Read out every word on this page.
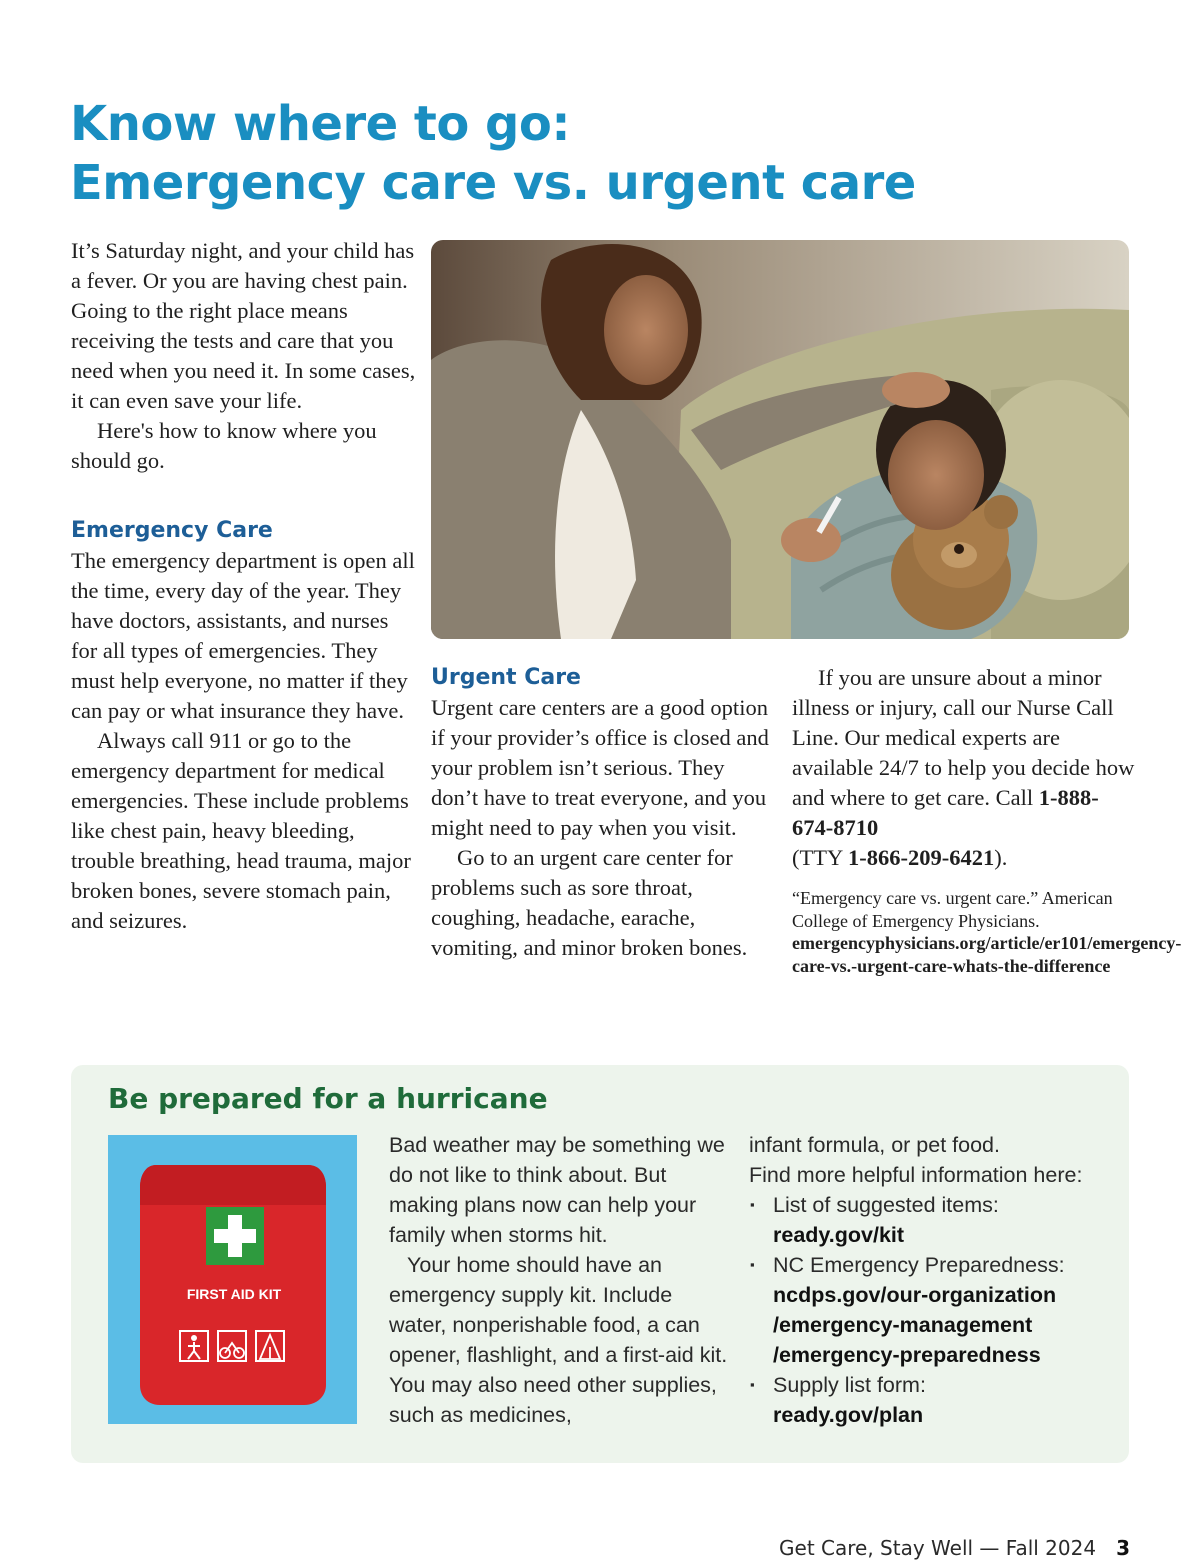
Know where to go:
Emergency care vs. urgent care

It’s Saturday night, and your child has a fever. Or you are having chest pain. Going to the right place means receiving the tests and care that you need when you need it. In some cases, it can even save your life.

Here's how to know where you should go.

Emergency Care

The emergency department is open all the time, every day of the year. They have doctors, assistants, and nurses for all types of emergencies. They must help everyone, no matter if they can pay or what insurance they have.

Always call 911 or go to the emergency department for medical emergencies. These include problems like chest pain, heavy bleeding, trouble breathing, head trauma, major broken bones, severe stomach pain, and seizures.

Urgent Care

Urgent care centers are a good option if your provider’s office is closed and your problem isn’t serious. They don’t have to treat everyone, and you might need to pay when you visit.

Go to an urgent care center for problems such as sore throat, coughing, headache, earache, vomiting, and minor broken bones.

If you are unsure about a minor illness or injury, call our Nurse Call Line. Our medical experts are available 24/7 to help you decide how and where to get care. Call 1-888-674-8710
(TTY 1-866-209-6421).

“Emergency care vs. urgent care.” American College of Emergency Physicians. emergencyphysicians.org/article/er101/emergency-care-vs.-urgent-care-whats-the-difference
Be prepared for a hurricane
FIRST AID KIT

Bad weather may be something we do not like to think about. But making plans now can help your family when storms hit.

Your home should have an emergency supply kit. Include water, nonperishable food, a can opener, flashlight, and a first-aid kit. You may also need other supplies, such as medicines,

infant formula, or pet food.

Find more helpful information here:

▪ List of suggested items:
ready.gov/kit
▪ NC Emergency Preparedness:
ncdps.gov/our-organization
/emergency-management
/emergency-preparedness
▪ Supply list form:
ready.gov/plan
Get Care, Stay Well — Fall 2024 3
